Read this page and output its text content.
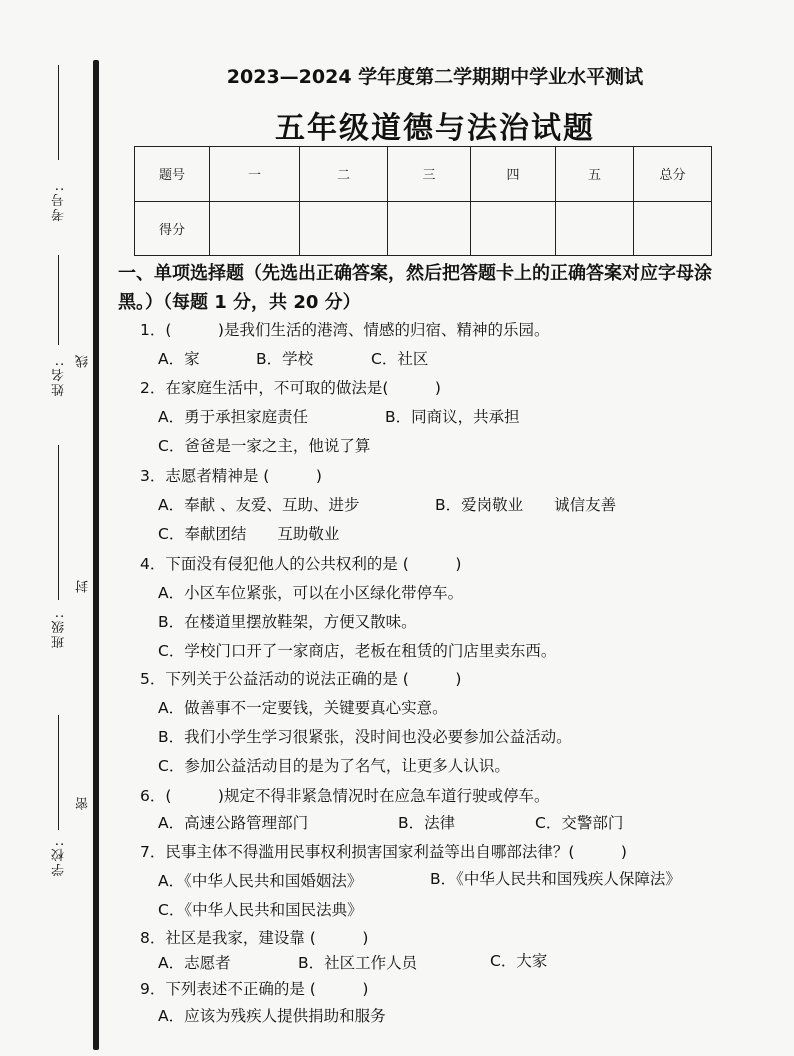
考号:
姓名:
班级:
学校:
线
封
密
2023—2024 学年度第二学期期中学业水平测试
五年级道德与法治试题
题号	一	二	三	四	五	总分
得分						
一、单项选择题（先选出正确答案，然后把答题卡上的正确答案对应字母涂黑。）（每题 1 分，共 20 分）
1．(　　　)是我们生活的港湾、情感的归宿、精神的乐园。
A．家	B．学校	C．社区
2．在家庭生活中，不可取的做法是(　　　)
A．勇于承担家庭责任	B．同商议，共承担
C．爸爸是一家之主，他说了算
3．志愿者精神是 (　　　)
A．奉献 、友爱、互助、进步	B．爱岗敬业　　诚信友善
C．奉献团结　　互助敬业
4．下面没有侵犯他人的公共权利的是 (　　　)
A．小区车位紧张，可以在小区绿化带停车。
B．在楼道里摆放鞋架，方便又散味。
C．学校门口开了一家商店，老板在租赁的门店里卖东西。
5．下列关于公益活动的说法正确的是 (　　　)
A．做善事不一定要钱，关键要真心实意。
B．我们小学生学习很紧张，没时间也没必要参加公益活动。
C．参加公益活动目的是为了名气，让更多人认识。
6．(　　　)规定不得非紧急情况时在应急车道行驶或停车。
A．高速公路管理部门	B．法律	C．交警部门
7．民事主体不得滥用民事权利损害国家利益等出自哪部法律？(　　　)
A．《中华人民共和国婚姻法》	B．《中华人民共和国残疾人保障法》
C．《中华人民共和国民法典》
8．社区是我家，建设靠 (　　　)
A．志愿者	B．社区工作人员	C．大家
9．下列表述不正确的是 (　　　)
A．应该为残疾人提供捐助和服务
